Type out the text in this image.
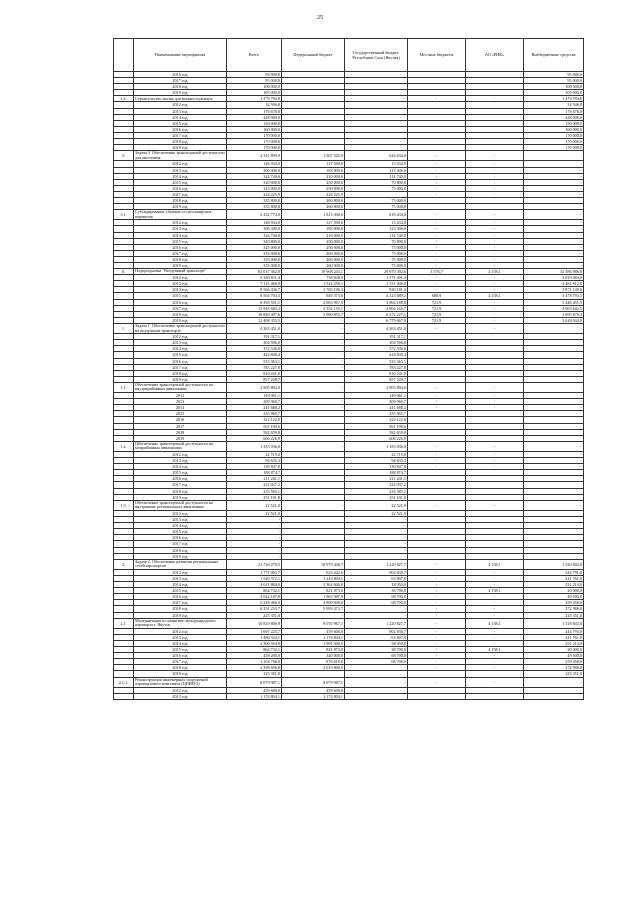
25
	Наименование мероприятия	Всего	Федеральный бюджет	Государственный бюджет Республики Саха (Якутия)	Местные бюджеты	АО «РИК»	Внебюджетные средства
	2016 год	95 000,0					95 000,0
	2017 год	95 000,0					95 000,0
	2018 год	100 000,0					100 000,0
	2019 год	105 000,0					105 000,0
2.4.	Строительство жилья для военнослужащих	1 479 784,8	-	-	-	-	1 479 784,8
	2012 год	34 946,8					34 946,8
	2013 год	176 678,0					176 678,0
	2014 год	428 000,0					428 000,0
	2015 год	150 000,0					150 000,0
	2016 год	160 000,0					160 000,0
	2017 год	170 000,0					170 000,0
	2018 год	170 000,0					170 000,0
	2019 год	170 000,0					170 000,0
3.	Задача 3. Обеспечение транспортной доступности для населения	2 311 899,9	1 567 525,9	644 434,0	-	-	-
	2012 год	146 934,0	127 500,0	13 434,0	-	-	-
	2013 год	306 300,0	183 000,0	123 300,0	-	-	-
	2014 год	324 740,0	210 000,0	114 740,0	-	-	-
	2015 год	320 800,0	250 000,0	70 800,0	-	-	-
	2016 год	325 000,0	250 000,0	75 000,0	-	-	-
	2017 год	224 225,9	224 225,9		-	-	-
	2018 год	335 800,0	260 800,0	75 000,0			
	2019 год	335 800,0	260 800,0	75 000,0			
3.1.	Субсидирование убытков от пассажирских перевозок	2 432 774,0	1 813 300,0	619 434,0	-	-	-
	2012 год	146 934,0	127 500,0	13 434,0	-	-	-
	2013 год	306 300,0	183 000,0	123 300,0	-	-	-
	2014 год	324 740,0	210 000,0	114 740,0	-	-	-
	2015 год	320 800,0	250 000,0	70 800,0	-	-	-
	2016 год	325 000,0	250 000,0	75 000,0	-	-	-
	2017 год	335 000,0	260 000,0	75 000,0	-	-	-
	2018 год	335 000,0	260 000,0	75 000,0	-	-	-
	2019 год	335 000,0	260 000,0	75 000,0	-	-	-
X.	Подпрограмма "Воздушный транспорт"	82 037 362,0	19 968 243,1	29 670 392,6	3 576,7	4 158,1	32 586 986,8
	2012 год	5 360 811,4	758 938,0	1 571 401,4	-	-	3 029 484,0
	2013 год	7 115 466,9	1 522 258,1	1 131 406,0	-	-	4 481 812,8
	2014 год	8 566 436,7	3 765 106,3	930 181,4	-	-	3 871 149,0
	2015 год	8 504 703,3	949 373,6	4 123 689,2	688,9	4 158,1	3 478 793,5
	2016 год	9 395 551,1	2 063 967,9	3 904 189,8	721,9	-	3 446 451,5
	2017 год	13 943 683,2	5 532 155,1	4 904 165,7	721,9	-	4 003 642,5
	2018 год	16 849 407,6	5 900 855,7	6 272 227,1	721,9	-	3 695 679,3
	2019 год	12 408 353,5	-	6 779 667,0	721,9	-	5 628 044,8
1.	Задача 1. Обеспечение транспортной доступности на воздушном транспорте	4 263 451,0	-	4 263 451,0	-	-	-
	2012 год	191 317,1	-	191 317,1			
	2013 год	304 596,0	-	304 596,0			
	2014 год	372 536,0	-	372 536,0			
	2015 год	424 840,4	-	424 840,4			
	2016 год	533 363,1	-	533 363,1			
	2017 год	783 227,8	-	783 227,8			
	2018 год	810 241,9		810 241,9			
	2019 год	857 228,7		857 228,7			
1.1.	Обеспечение транспортной доступности на внутрирайонных авиалиниях	2 905 894,0	-	2 905 894,0	-	-	-
	2012	149 061,1	-	149 061,1	-	-	-
	2013	209 960,7	-	209 960,7	-	-	-
	2014	241 688,2	-	241 688,2	-	-	-
	2015	235 965,7		235 965,7			
	2016	322 122,0		322 122,0			
	2017	561 190,6		561 190,6			
	2018	582 659,8		582 659,8			
	2019	606 226,9		606 226,9			
1.2.	Обеспечение транспортной доступности на межрайонных авиалиниях	1 355 036,0	-	1 355 036,0	-	-	-
	2012 год	22 715,0		22 715,0	-	-	-
	2013 год	94 635,3		94 635,3	-	-	-
	2014 год	130 847,8		130 847,8	-	-	-
	2015 год	188 874,7		188 874,7			
	2016 год	211 241,1		211 241,1			
	2017 год	222 037,2		222 037,2			
	2018 год	233 583,1		233 583,1			
	2019 год	251 101,8		251 101,8			
1.3.	Обеспечение транспортной доступности на внутренних региональных авиалиниях	22 521,0	-	22 521,0	-	-	-
	2012 год	22 521,0		22 521,0			
	2013 год	-		-			
	2014 год	-		-			
	2015 год	-		-			
	2016 год	-		-			
	2017 год	-		-			
	2018 год	-		-			
	2019 год	-		-			
2.	Задача 2. Обеспечение развития региональных сетей аэропортов	21 726 279,5	18 979 448,7	1 229 827,7	-	4 158,1	1 529 843,0
	2012 год	1 771 063,7	623 442,0	902 830,7	-	-	244 791,0
	2013 год	1 549 372,1	1 243 804,1	63 807,0	-	-	241 761,0
	2014 год	3 611 864,0	3 364 606,0	18 050,0	-	-	231 214,0
	2015 год	864 732,1	821 873,0	38 700,0	-	4 158,1	20 000,0
	2016 год	2 022 187,9	1 963 987,9	68 700,0	-	-	49 500,0
	2017 год	5 228 466,0	4 900 306,0	68 700,0	-	-	259 458,0
	2018 год	6 251 233,7	5 993 473,7	-	-	-	272 986,0
	2019 год	225 351,0	-	-	-	-	225 351,0
2.1.	Модернизация по развитию международного аэропорта г. Якутск	10 829 806,9	8 076 967,1	1 220 827,7	-	4 158,1	1 518 843,0
	2012 год	1 697 223,7	459 600,0	902 830,7	-	-	244 793,0
	2013 год	1 480 332,1	1 174 804,1	63 807,0	-	-	241 761,0
	2014 год	2 300 564,0	1 991 300,0	58 050,0	-	-	251 214,0
	2015 год	864 732,1	821 873,0	38 700,0	-	4 158,1	20 000,0
	2016 год	458 200,0	340 000,0	68 700,0	-	-	49 500,0
	2017 год	1 204 768,0	876 610,0	68 700,0	-	-	259 458,0
	2018 год	2 398 656,0	2 015 800,0	-	-	-	272 986,0
	2019 год	225 351,0					225 351,0
2.1.1.	Реконструкция инженерных сооружений аэропортового комплекса (ЦПИП-2)	8 079 987,1	8 079 987,1	-	-	-	-
	2012 год	459 600,0	459 600,0				
	2013 год	1 174 804,1	1 174 804,1				
